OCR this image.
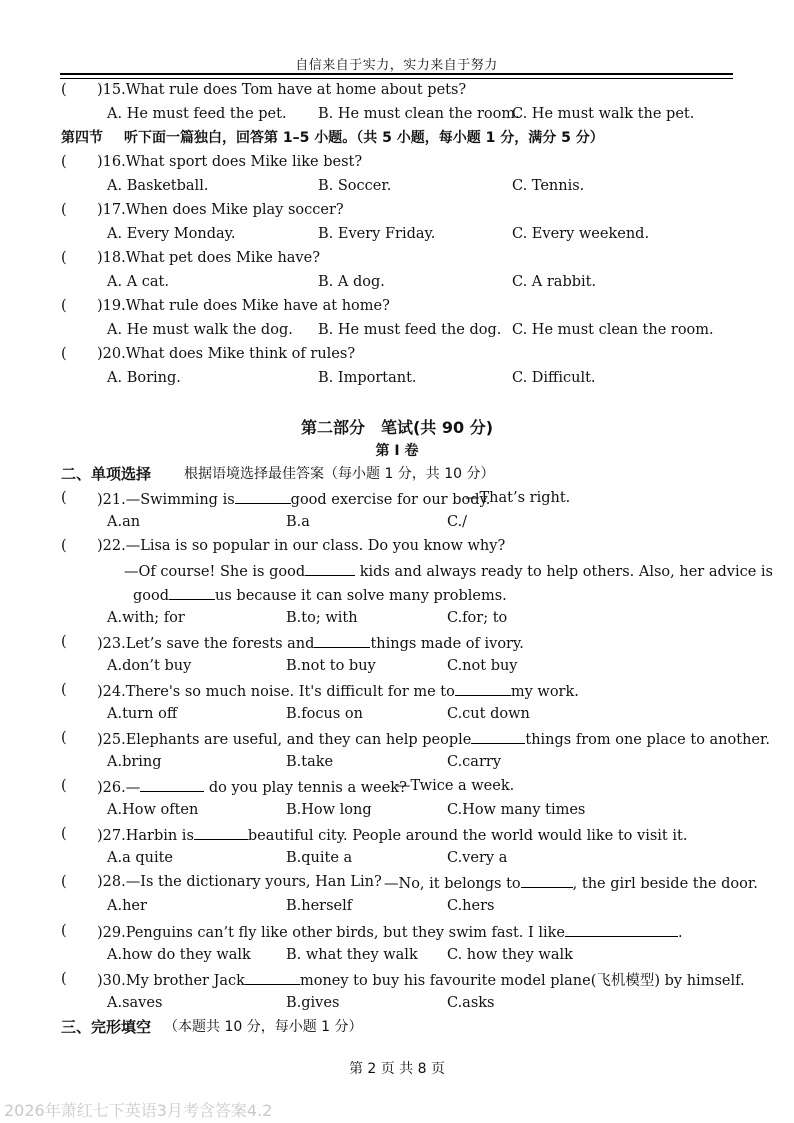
自信来自于实力，实力来自于努力
( )15.What rule does Tom have at home about pets?
A. He must feed the pet. B. He must clean the room.
C. He must walk the pet.
第四节 听下面一篇独白，回答第 1–5 小题。（共 5 小题，每小题 1 分，满分 5 分）
( )16.What sport does Mike like best?
A. Basketball.	B. Soccer.	C. Tennis.
( )17.When does Mike play soccer?
A. Every Monday.	B. Every Friday.	C. Every weekend.
( )18.What pet does Mike have?
A. A cat.	B. A dog.	C. A rabbit.
( )19.What rule does Mike have at home?
A. He must walk the dog. B. He must feed the dog. C. He must clean the room.
( )20.What does Mike think of rules?
A. Boring.	B. Important.	C. Difficult.
第二部分　笔试(共 90 分)
第 I 卷
二、单项选择 根据语境选择最佳答案（每小题 1 分，共 10 分）
( )21.—Swimming is	good exercise for our body.
—That’s right.
A.an	B.a	C./
( )22.—Lisa is so popular in our class. Do you know why?
—Of course! She is good	kids and always ready to help others. Also, her advice is
good	us because it can solve many problems.
A.with; for	B.to; with	C.for; to
( )23.Let’s save the forests and	things made of ivory.
A.don’t buy	B.not to buy	C.not buy
( )24.There's so much noise. It's difficult for me to	my work.
A.turn off	B.focus on	C.cut down
( )25.Elephants are useful, and they can help people	things from one place to another.
A.bring	B.take	C.carry
( )26.—	do you play tennis a week?
—Twice a week.
A.How often	B.How long	C.How many times
( )27.Harbin is	beautiful city. People around the world would like to visit it.
A.a quite	B.quite a	C.very a
( )28.—Is the dictionary yours, Han Lin? —No, it belongs to	, the girl beside the door.
A.her	B.herself	C.hers
( )29.Penguins can’t fly like other birds, but they swim fast. I like	.
A.how do they walk B. what they walk C. how they walk
( )30.My brother Jack	money to buy his favourite model plane(飞机模型) by himself.
A.saves	B.gives	C.asks
三、完形填空 （本题共 10 分，每小题 1 分）
第 2 页 共 8 页
2026年萧红七下英语3月考含答案4.2
